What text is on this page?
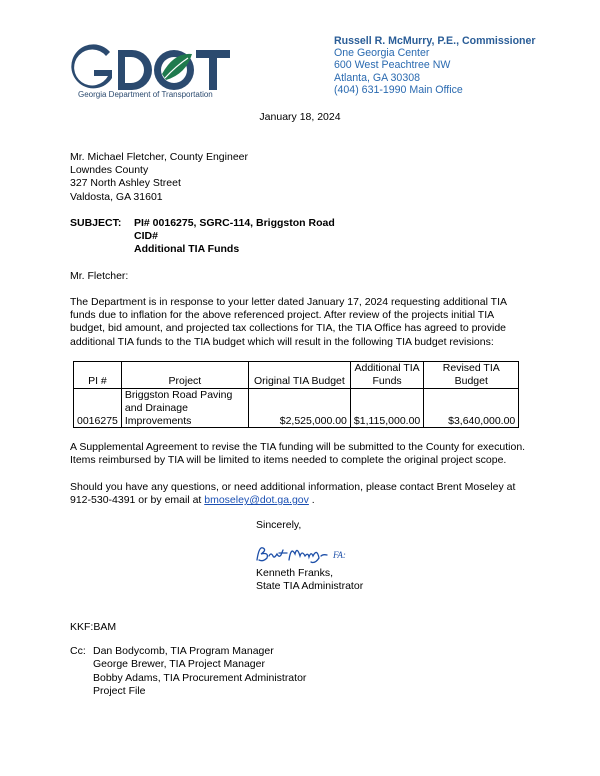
Georgia Department of Transportation
Russell R. McMurry, P.E., Commissioner
One Georgia Center
600 West Peachtree NW
Atlanta, GA 30308
(404) 631-1990 Main Office
January 18, 2024
Mr. Michael Fletcher, County Engineer
Lowndes County
327 North Ashley Street
Valdosta, GA 31601
SUBJECT: PI# 0016275, SGRC-114, Briggston Road
CID#
Additional TIA Funds
Mr. Fletcher:
The Department is in response to your letter dated January 17, 2024 requesting additional TIA funds due to inflation for the above referenced project. After review of the projects initial TIA budget, bid amount, and projected tax collections for TIA, the TIA Office has agreed to provide additional TIA funds to the TIA budget which will result in the following TIA budget revisions:
PI #	Project	Original TIA Budget	Additional TIA Funds	Revised TIA Budget
0016275	Briggston Road Paving and Drainage Improvements	$2,525,000.00	$1,115,000.00	$3,640,000.00
A Supplemental Agreement to revise the TIA funding will be submitted to the County for execution. Items reimbursed by TIA will be limited to items needed to complete the original project scope.
Should you have any questions, or need additional information, please contact Brent Moseley at 912-530-4391 or by email at bmoseley@dot.ga.gov .
Sincerely,
FA:
Kenneth Franks,
State TIA Administrator
KKF:BAM
Cc: Dan Bodycomb, TIA Program Manager
George Brewer, TIA Project Manager
Bobby Adams, TIA Procurement Administrator
Project File
